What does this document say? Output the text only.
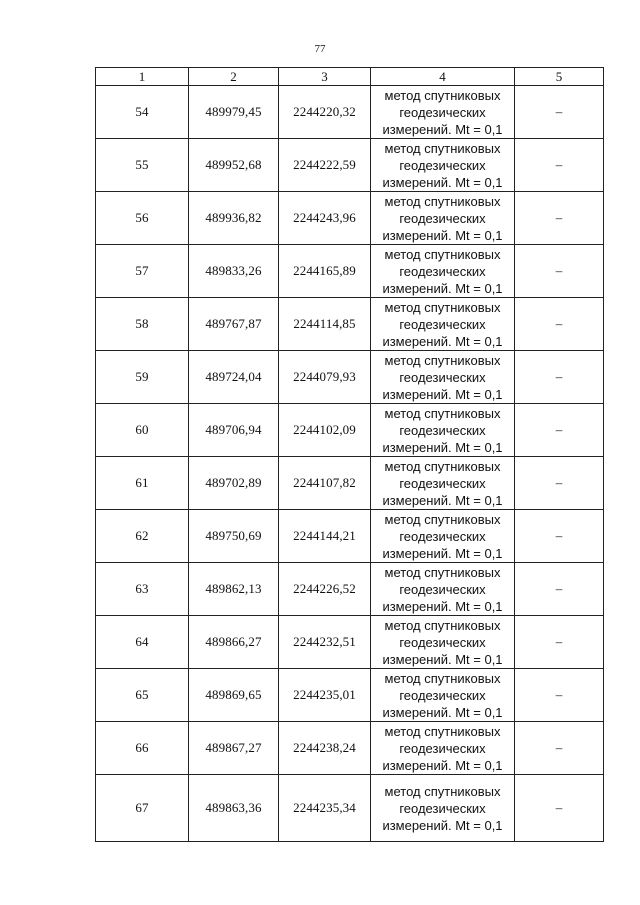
77
1	2	3	4	5
54	489979,45	2244220,32	метод спутниковых
геодезических
измерений. Mt = 0,1	–
55	489952,68	2244222,59	метод спутниковых
геодезических
измерений. Mt = 0,1	–
56	489936,82	2244243,96	метод спутниковых
геодезических
измерений. Mt = 0,1	–
57	489833,26	2244165,89	метод спутниковых
геодезических
измерений. Mt = 0,1	–
58	489767,87	2244114,85	метод спутниковых
геодезических
измерений. Mt = 0,1	–
59	489724,04	2244079,93	метод спутниковых
геодезических
измерений. Mt = 0,1	–
60	489706,94	2244102,09	метод спутниковых
геодезических
измерений. Mt = 0,1	–
61	489702,89	2244107,82	метод спутниковых
геодезических
измерений. Mt = 0,1	–
62	489750,69	2244144,21	метод спутниковых
геодезических
измерений. Mt = 0,1	–
63	489862,13	2244226,52	метод спутниковых
геодезических
измерений. Mt = 0,1	–
64	489866,27	2244232,51	метод спутниковых
геодезических
измерений. Mt = 0,1	–
65	489869,65	2244235,01	метод спутниковых
геодезических
измерений. Mt = 0,1	–
66	489867,27	2244238,24	метод спутниковых
геодезических
измерений. Mt = 0,1	–
67	489863,36	2244235,34	метод спутниковых
геодезических
измерений. Mt = 0,1	–
